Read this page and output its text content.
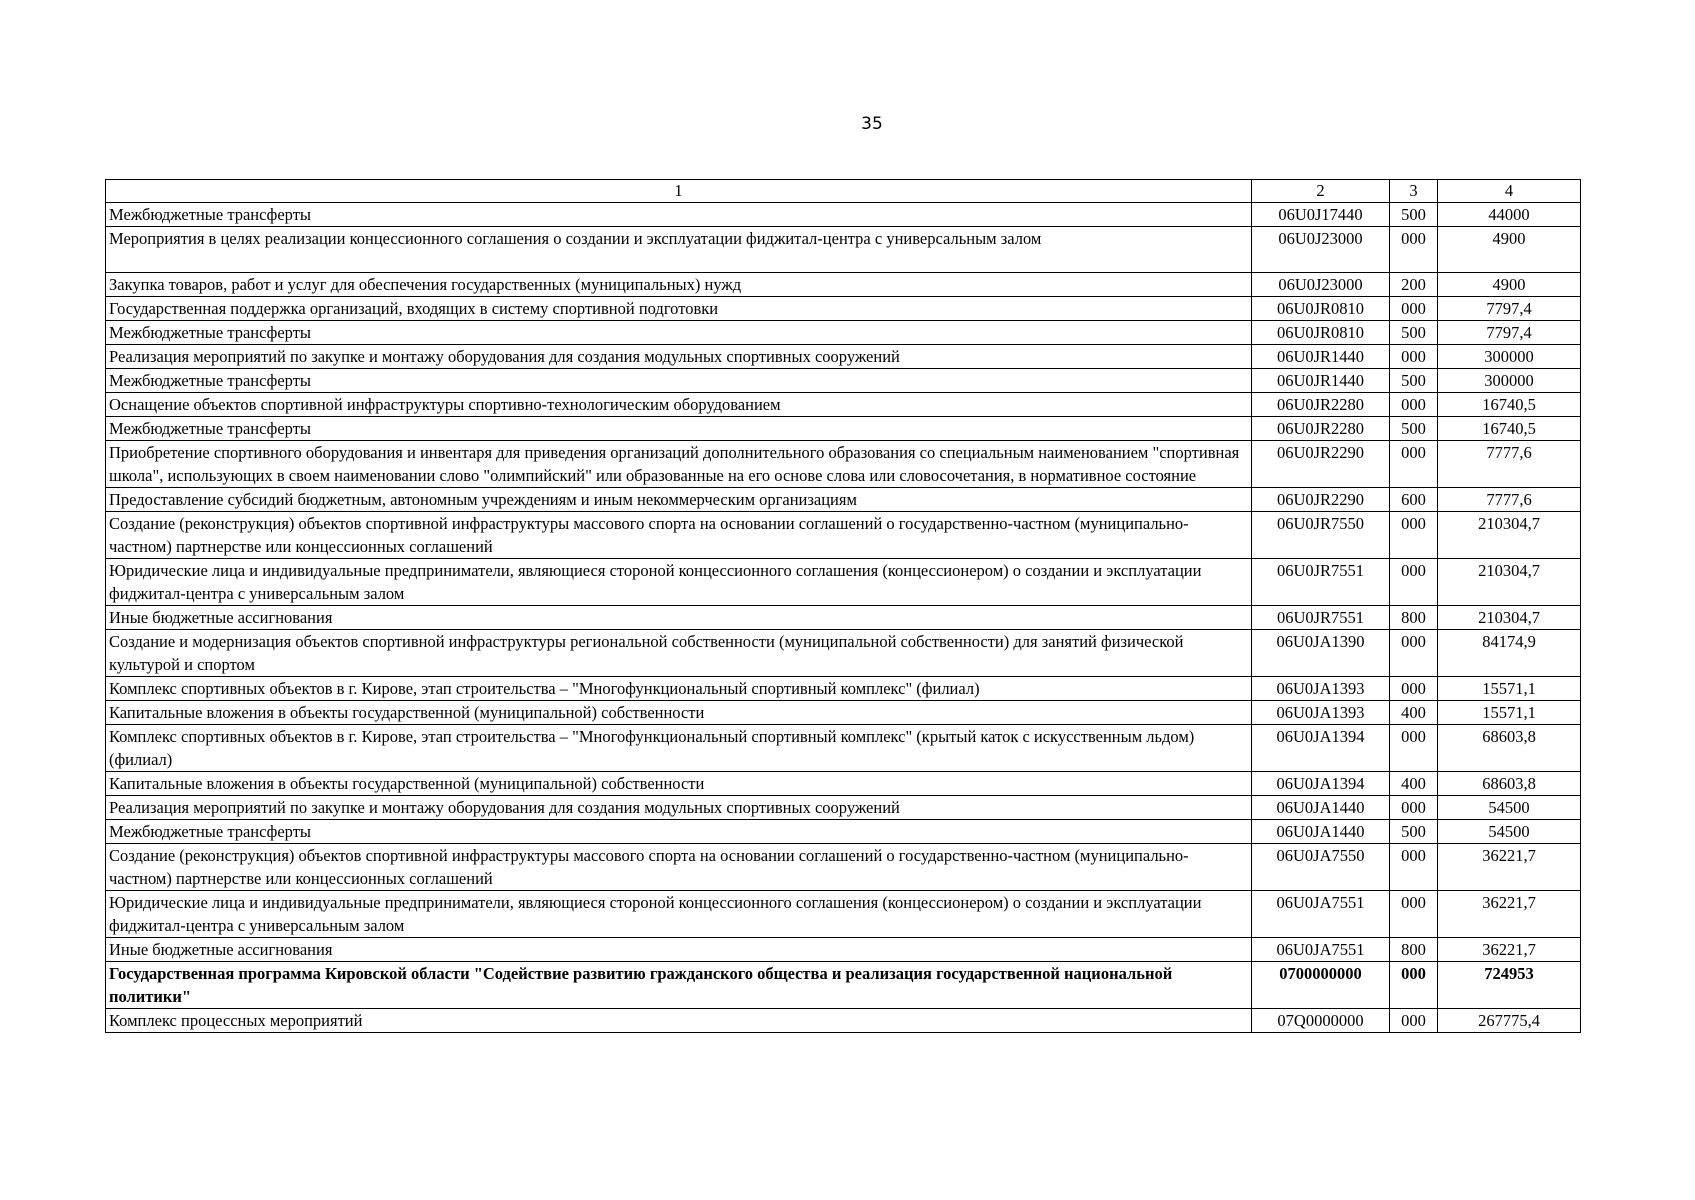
35
1	2	3	4
Межбюджетные трансферты	06U0J17440	500	44000
Мероприятия в целях реализации концессионного соглашения о создании и эксплуатации фиджитал-центра с универсальным залом	06U0J23000	000	4900
Закупка товаров, работ и услуг для обеспечения государственных (муниципальных) нужд	06U0J23000	200	4900
Государственная поддержка организаций, входящих в систему спортивной подготовки	06U0JR0810	000	7797,4
Межбюджетные трансферты	06U0JR0810	500	7797,4
Реализация мероприятий по закупке и монтажу оборудования для создания модульных спортивных сооружений	06U0JR1440	000	300000
Межбюджетные трансферты	06U0JR1440	500	300000
Оснащение объектов спортивной инфраструктуры спортивно-технологическим оборудованием	06U0JR2280	000	16740,5
Межбюджетные трансферты	06U0JR2280	500	16740,5
Приобретение спортивного оборудования и инвентаря для приведения организаций дополнительного образования со специальным наименованием "спортивная школа", использующих в своем наименовании слово "олимпийский" или образованные на его основе слова или словосочетания, в нормативное состояние	06U0JR2290	000	7777,6
Предоставление субсидий бюджетным, автономным учреждениям и иным некоммерческим организациям	06U0JR2290	600	7777,6
Создание (реконструкция) объектов спортивной инфраструктуры массового спорта на основании соглашений о государственно-частном (муниципально-частном) партнерстве или концессионных соглашений	06U0JR7550	000	210304,7
Юридические лица и индивидуальные предприниматели, являющиеся стороной концессионного соглашения (концессионером) о создании и эксплуатации фиджитал-центра с универсальным залом	06U0JR7551	000	210304,7
Иные бюджетные ассигнования	06U0JR7551	800	210304,7
Создание и модернизация объектов спортивной инфраструктуры региональной собственности (муниципальной собственности) для занятий физической культурой и спортом	06U0JA1390	000	84174,9
Комплекс спортивных объектов в г. Кирове, этап строительства – "Многофункциональный спортивный комплекс" (филиал)	06U0JA1393	000	15571,1
Капитальные вложения в объекты государственной (муниципальной) собственности	06U0JA1393	400	15571,1
Комплекс спортивных объектов в г. Кирове, этап строительства – "Многофункциональный спортивный комплекс" (крытый каток с искусственным льдом) (филиал)	06U0JA1394	000	68603,8
Капитальные вложения в объекты государственной (муниципальной) собственности	06U0JA1394	400	68603,8
Реализация мероприятий по закупке и монтажу оборудования для создания модульных спортивных сооружений	06U0JA1440	000	54500
Межбюджетные трансферты	06U0JA1440	500	54500
Создание (реконструкция) объектов спортивной инфраструктуры массового спорта на основании соглашений о государственно-частном (муниципально-частном) партнерстве или концессионных соглашений	06U0JA7550	000	36221,7
Юридические лица и индивидуальные предприниматели, являющиеся стороной концессионного соглашения (концессионером) о создании и эксплуатации фиджитал-центра с универсальным залом	06U0JA7551	000	36221,7
Иные бюджетные ассигнования	06U0JA7551	800	36221,7
Государственная программа Кировской области "Содействие развитию гражданского общества и реализация государственной национальной политики"	0700000000	000	724953
Комплекс процессных мероприятий	07Q0000000	000	267775,4
